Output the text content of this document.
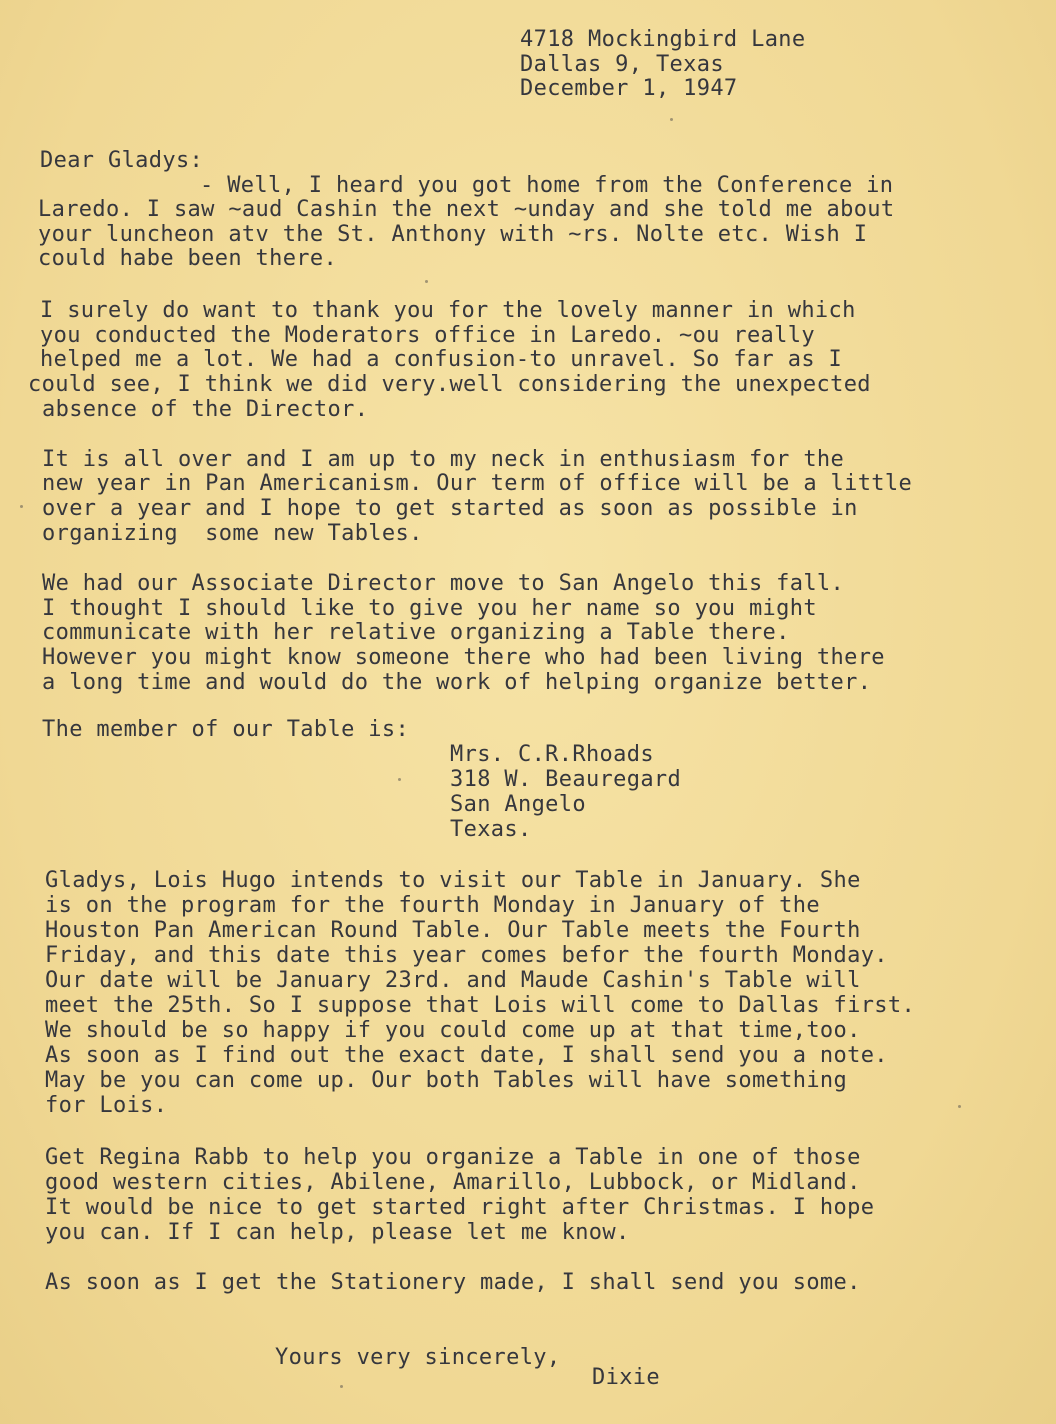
4718 Mockingbird Lane
Dallas 9, Texas
December 1, 1947
Dear Gladys:
- Well, I heard you got home from the Conference in
Laredo. I saw ~aud Cashin the next ~unday and she told me about
your luncheon atv the St. Anthony with ~rs. Nolte etc. Wish I
could habe been there.
I surely do want to thank you for the lovely manner in which
you conducted the Moderators office in Laredo. ~ou really
helped me a lot. We had a confusion-to unravel. So far as I
could see, I think we did very.well considering the unexpected
absence of the Director.
It is all over and I am up to my neck in enthusiasm for the
new year in Pan Americanism. Our term of office will be a little
over a year and I hope to get started as soon as possible in
organizing  some new Tables.
We had our Associate Director move to San Angelo this fall.
I thought I should like to give you her name so you might
communicate with her relative organizing a Table there.
However you might know someone there who had been living there
a long time and would do the work of helping organize better.
The member of our Table is:
Mrs. C.R.Rhoads
318 W. Beauregard
San Angelo
Texas.
Gladys, Lois Hugo intends to visit our Table in January. She
is on the program for the fourth Monday in January of the
Houston Pan American Round Table. Our Table meets the Fourth
Friday, and this date this year comes befor the fourth Monday.
Our date will be January 23rd. and Maude Cashin's Table will
meet the 25th. So I suppose that Lois will come to Dallas first.
We should be so happy if you could come up at that time,too.
As soon as I find out the exact date, I shall send you a note.
May be you can come up. Our both Tables will have something
for Lois.
Get Regina Rabb to help you organize a Table in one of those
good western cities, Abilene, Amarillo, Lubbock, or Midland.
It would be nice to get started right after Christmas. I hope
you can. If I can help, please let me know.
As soon as I get the Stationery made, I shall send you some.
Yours very sincerely,
Dixie
